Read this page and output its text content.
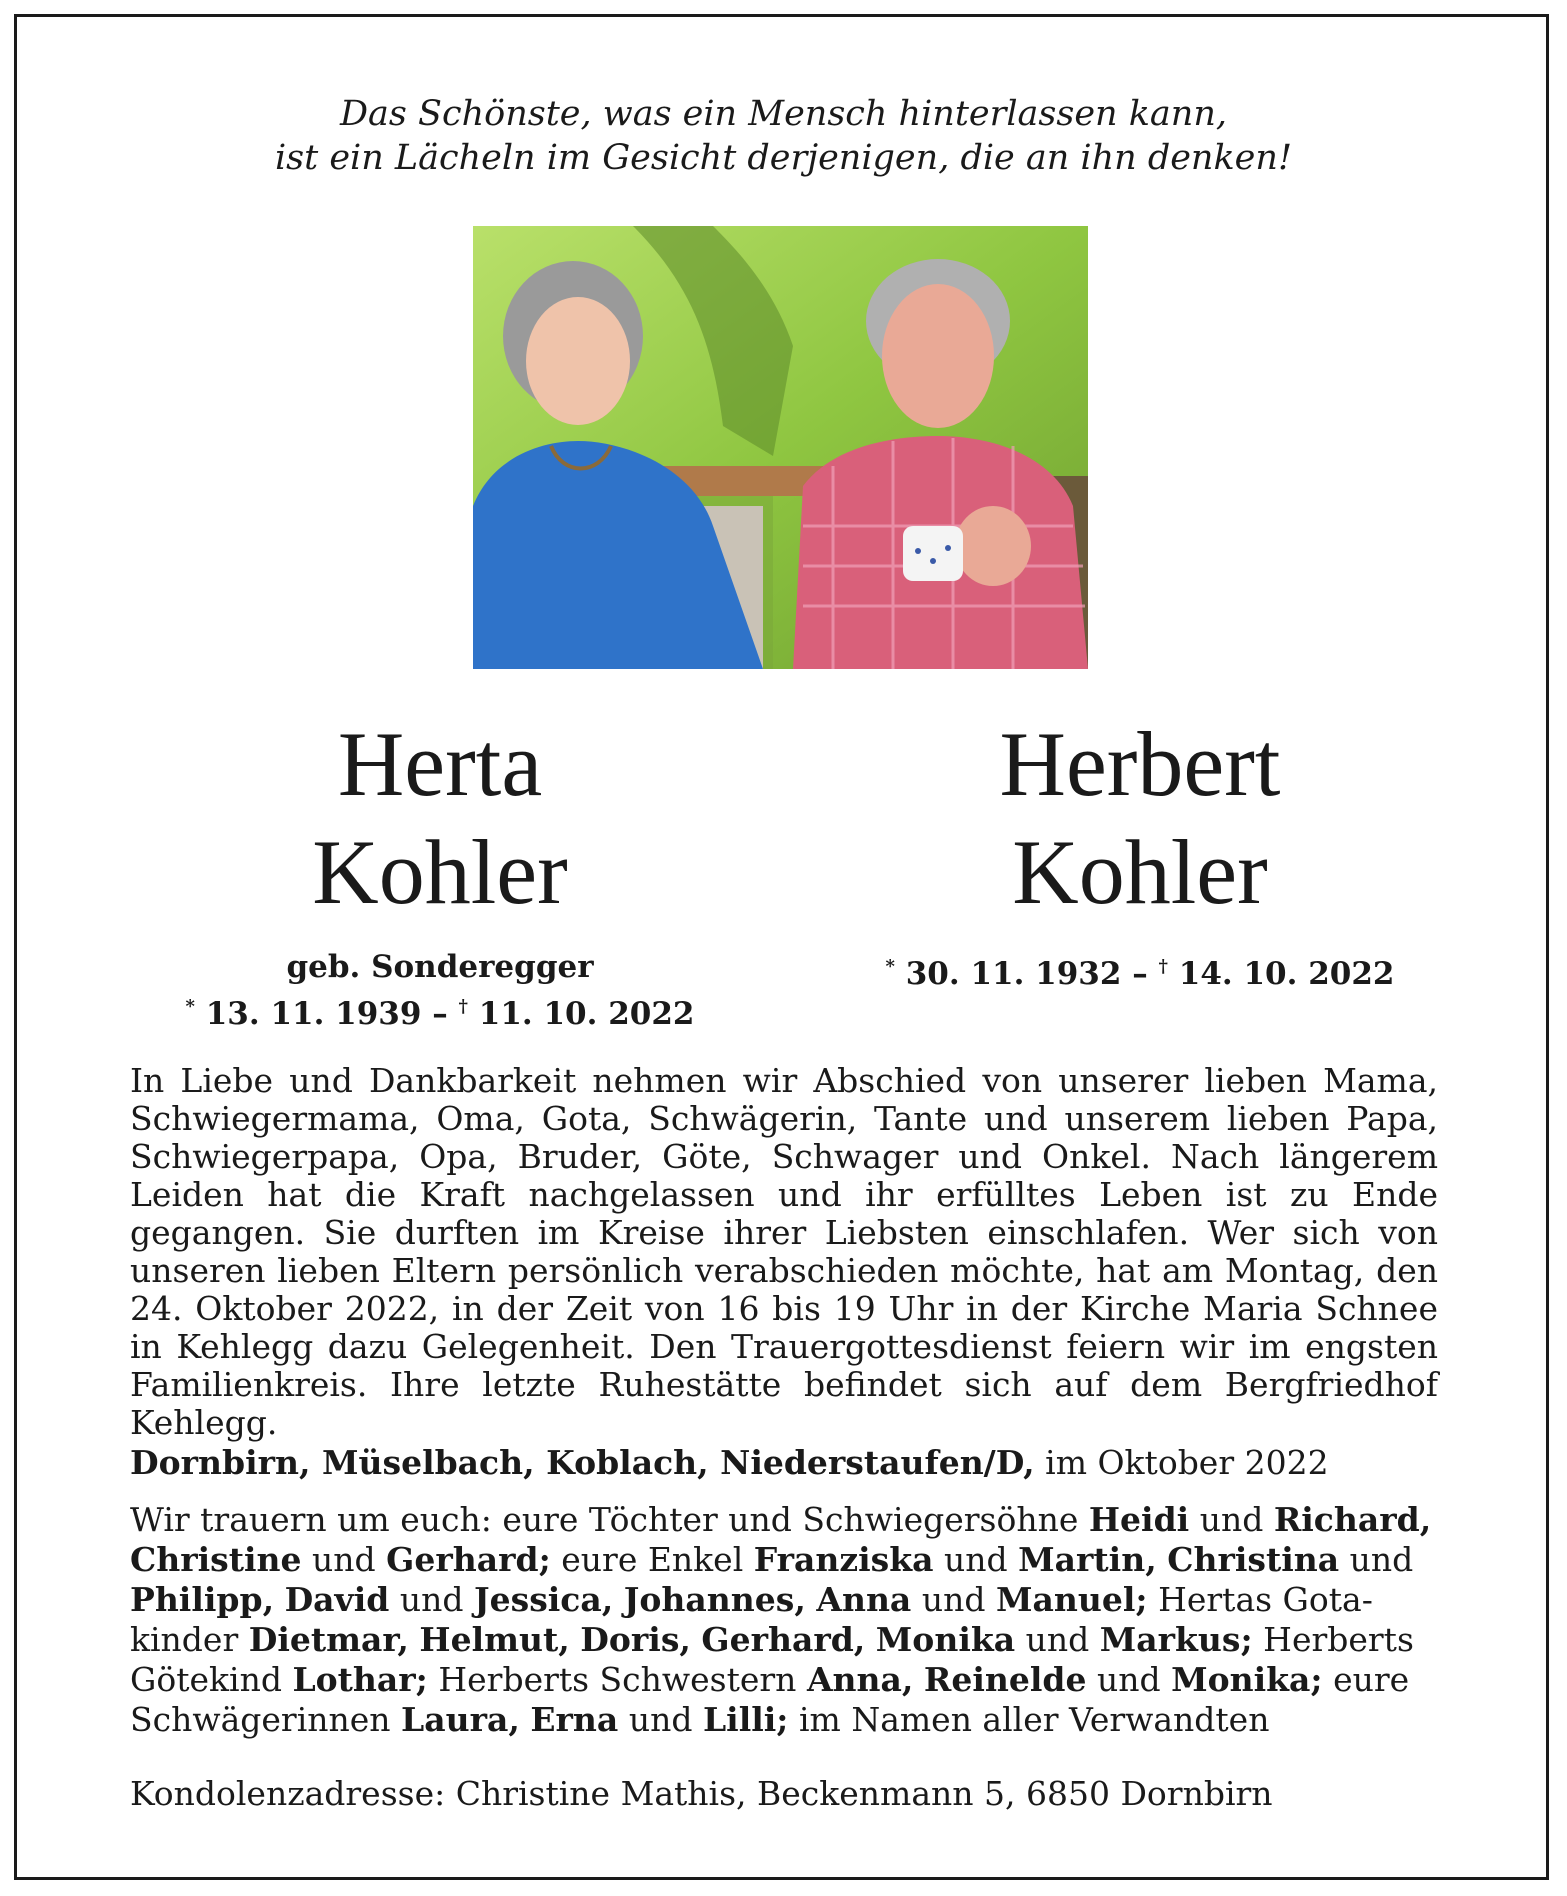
Das Schönste, was ein Mensch hinterlassen kann,
ist ein Lächeln im Gesicht derjenigen, die an ihn denken!
Herta
Kohler
Herbert
Kohler
geb. Sonderegger
* 13. 11. 1939 – † 11. 10. 2022
* 30. 11. 1932 – † 14. 10. 2022
In Liebe und Dankbarkeit nehmen wir Abschied von unserer lieben Mama, Schwiegermama, Oma, Gota, Schwägerin, Tante und unserem lieben Papa, Schwiegerpapa, Opa, Bruder, Göte, Schwager und Onkel. Nach längerem Leiden hat die Kraft nachgelassen und ihr erfülltes Leben ist zu Ende gegangen. Sie durften im Kreise ihrer Liebsten einschlafen. Wer sich von unseren lieben Eltern persönlich verabschieden möchte, hat am Montag, den 24. Oktober 2022, in der Zeit von 16 bis 19 Uhr in der Kirche Maria Schnee in Kehlegg dazu Gelegenheit. Den Trauergottesdienst feiern wir im engsten Familienkreis. Ihre letzte Ruhestätte befindet sich auf dem Bergfriedhof Kehlegg.
Dornbirn, Müselbach, Koblach, Niederstaufen/D, im Oktober 2022
Wir trauern um euch: eure Töchter und Schwiegersöhne Heidi und Richard,
Christine und Gerhard; eure Enkel Franziska und Martin, Christina und
Philipp, David und Jessica, Johannes, Anna und Manuel; Hertas Gota-
kinder Dietmar, Helmut, Doris, Gerhard, Monika und Markus; Herberts
Götekind Lothar; Herberts Schwestern Anna, Reinelde und Monika; eure
Schwägerinnen Laura, Erna und Lilli; im Namen aller Verwandten
Kondolenzadresse: Christine Mathis, Beckenmann 5, 6850 Dornbirn
